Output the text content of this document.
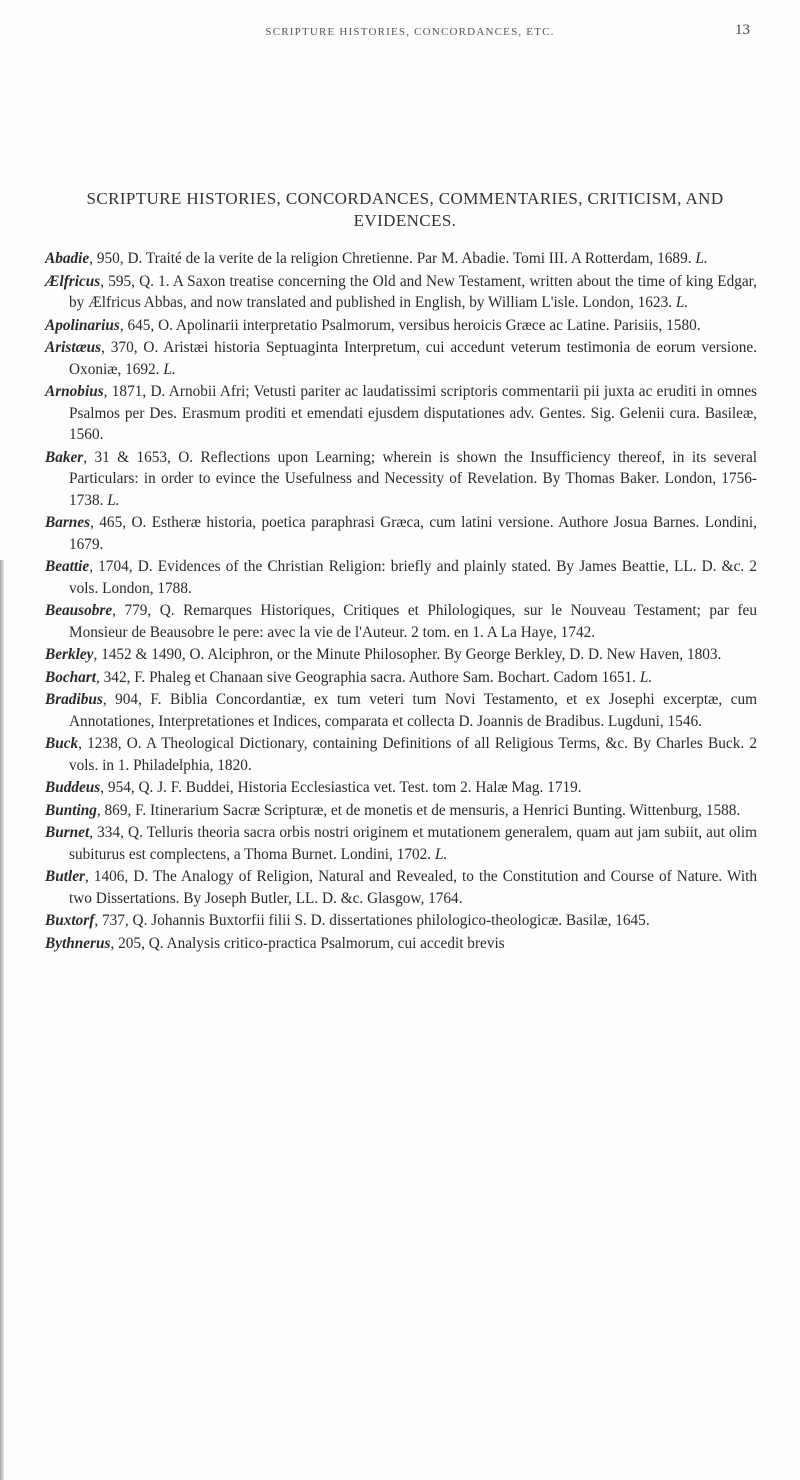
SCRIPTURE HISTORIES, CONCORDANCES, ETC.	13
SCRIPTURE HISTORIES, CONCORDANCES, COMMENTARIES, CRITICISM, AND EVIDENCES.

Abadie, 950, D. Traité de la verite de la religion Chretienne. Par M. Abadie. Tomi III. A Rotterdam, 1689. L.

Ælfricus, 595, Q. 1. A Saxon treatise concerning the Old and New Testament, written about the time of king Edgar, by Ælfricus Abbas, and now translated and published in English, by William L'isle. London, 1623. L.

Apolinarius, 645, O. Apolinarii interpretatio Psalmorum, versibus heroicis Græce ac Latine. Parisiis, 1580.

Aristæus, 370, O. Aristæi historia Septuaginta Interpretum, cui accedunt veterum testimonia de eorum versione. Oxoniæ, 1692. L.

Arnobius, 1871, D. Arnobii Afri; Vetusti pariter ac laudatissimi scriptoris commentarii pii juxta ac eruditi in omnes Psalmos per Des. Erasmum proditi et emendati ejusdem disputationes adv. Gentes. Sig. Gelenii cura. Basileæ, 1560.

Baker, 31 & 1653, O. Reflections upon Learning; wherein is shown the Insufficiency thereof, in its several Particulars: in order to evince the Usefulness and Necessity of Revelation. By Thomas Baker. London, 1756-1738. L.

Barnes, 465, O. Estheræ historia, poetica paraphrasi Græca, cum latini versione. Authore Josua Barnes. Londini, 1679.

Beattie, 1704, D. Evidences of the Christian Religion: briefly and plainly stated. By James Beattie, LL. D. &c. 2 vols. London, 1788.

Beausobre, 779, Q. Remarques Historiques, Critiques et Philologiques, sur le Nouveau Testament; par feu Monsieur de Beausobre le pere: avec la vie de l'Auteur. 2 tom. en 1. A La Haye, 1742.

Berkley, 1452 & 1490, O. Alciphron, or the Minute Philosopher. By George Berkley, D. D. New Haven, 1803.

Bochart, 342, F. Phaleg et Chanaan sive Geographia sacra. Authore Sam. Bochart. Cadom 1651. L.

Bradibus, 904, F. Biblia Concordantiæ, ex tum veteri tum Novi Testamento, et ex Josephi excerptæ, cum Annotationes, Interpretationes et Indices, comparata et collecta D. Joannis de Bradibus. Lugduni, 1546.

Buck, 1238, O. A Theological Dictionary, containing Definitions of all Religious Terms, &c. By Charles Buck. 2 vols. in 1. Philadelphia, 1820.

Buddeus, 954, Q. J. F. Buddei, Historia Ecclesiastica vet. Test. tom 2. Halæ Mag. 1719.

Bunting, 869, F. Itinerarium Sacræ Scripturæ, et de monetis et de mensuris, a Henrici Bunting. Wittenburg, 1588.

Burnet, 334, Q. Telluris theoria sacra orbis nostri originem et mutationem generalem, quam aut jam subiit, aut olim subiturus est complectens, a Thoma Burnet. Londini, 1702. L.

Butler, 1406, D. The Analogy of Religion, Natural and Revealed, to the Constitution and Course of Nature. With two Dissertations. By Joseph Butler, LL. D. &c. Glasgow, 1764.

Buxtorf, 737, Q. Johannis Buxtorfii filii S. D. dissertationes philologico-theologicæ. Basilæ, 1645.

Bythnerus, 205, Q. Analysis critico-practica Psalmorum, cui accedit brevis
